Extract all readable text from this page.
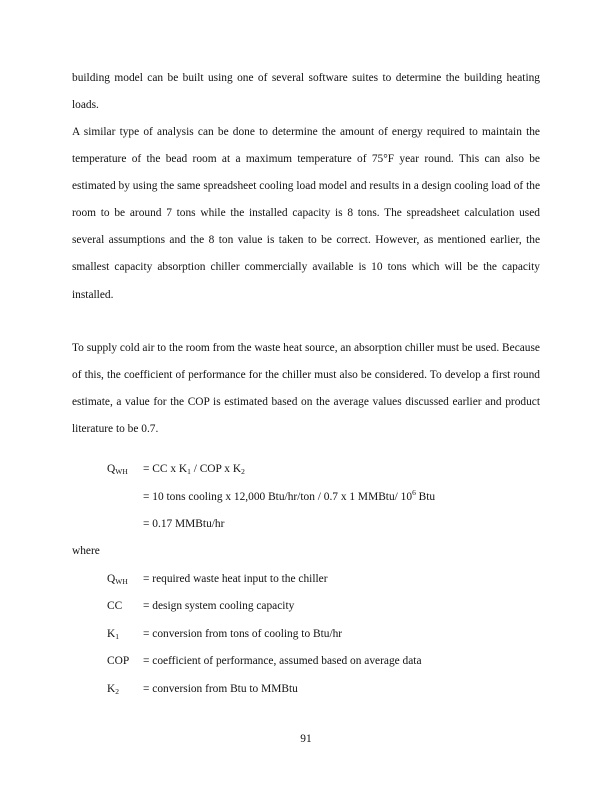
building model can be built using one of several software suites to determine the building heating loads.

A similar type of analysis can be done to determine the amount of energy required to maintain the temperature of the bead room at a maximum temperature of 75°F year round. This can also be estimated by using the same spreadsheet cooling load model and results in a design cooling load of the room to be around 7 tons while the installed capacity is 8 tons. The spreadsheet calculation used several assumptions and the 8 ton value is taken to be correct. However, as mentioned earlier, the smallest capacity absorption chiller commercially available is 10 tons which will be the capacity installed.

To supply cold air to the room from the waste heat source, an absorption chiller must be used. Because of this, the coefficient of performance for the chiller must also be considered. To develop a first round estimate, a value for the COP is estimated based on the average values discussed earlier and product literature to be 0.7.

$Q_{WH}$ = CC x $K_1$ / COP x $K_2$
= 10 tons cooling x 12,000 Btu/hr/ton / 0.7 x 1 MMBtu/ $10^6$ Btu
= 0.17 MMBtu/hr
where
$Q_{WH}$ = required waste heat input to the chiller
CC = design system cooling capacity
$K_1$ = conversion from tons of cooling to Btu/hr
COP = coefficient of performance, assumed based on average data
$K_2$ = conversion from Btu to MMBtu
91
